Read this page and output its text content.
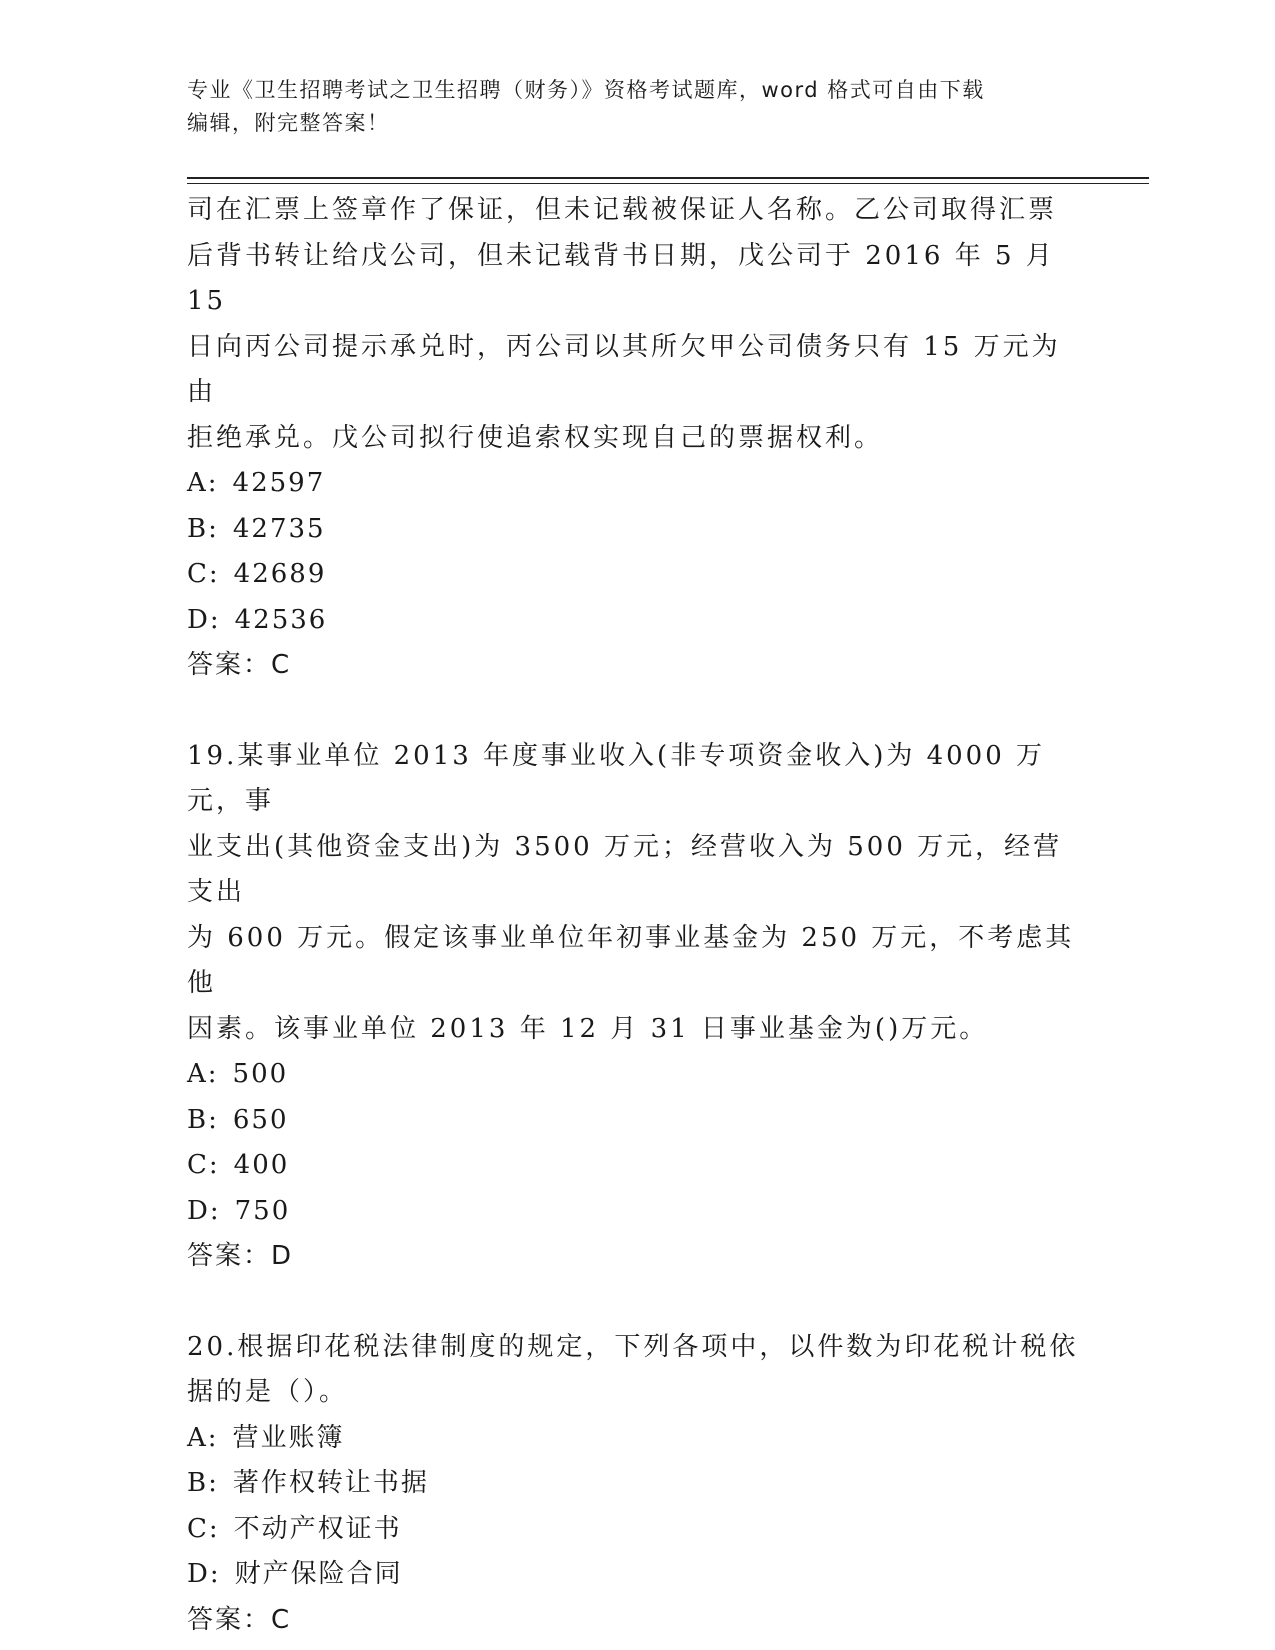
专业《卫生招聘考试之卫生招聘（财务）》资格考试题库，word 格式可自由下载
编辑，附完整答案！

司在汇票上签章作了保证，但未记载被保证人名称。乙公司取得汇票

后背书转让给戊公司，但未记载背书日期，戊公司于 2016 年 5 月 15

日向丙公司提示承兑时，丙公司以其所欠甲公司债务只有 15 万元为由

拒绝承兑。戊公司拟行使追索权实现自己的票据权利。

A: 42597

B: 42735

C: 42689

D: 42536

答案：C

19.某事业单位 2013 年度事业收入(非专项资金收入)为 4000 万元，事

业支出(其他资金支出)为 3500 万元；经营收入为 500 万元，经营支出

为 600 万元。假定该事业单位年初事业基金为 250 万元，不考虑其他

因素。该事业单位 2013 年 12 月 31 日事业基金为()万元。

A: 500

B: 650

C: 400

D: 750

答案：D

20.根据印花税法律制度的规定，下列各项中，以件数为印花税计税依

据的是（）。

A: 营业账簿

B: 著作权转让书据

C: 不动产权证书

D: 财产保险合同

答案：C
